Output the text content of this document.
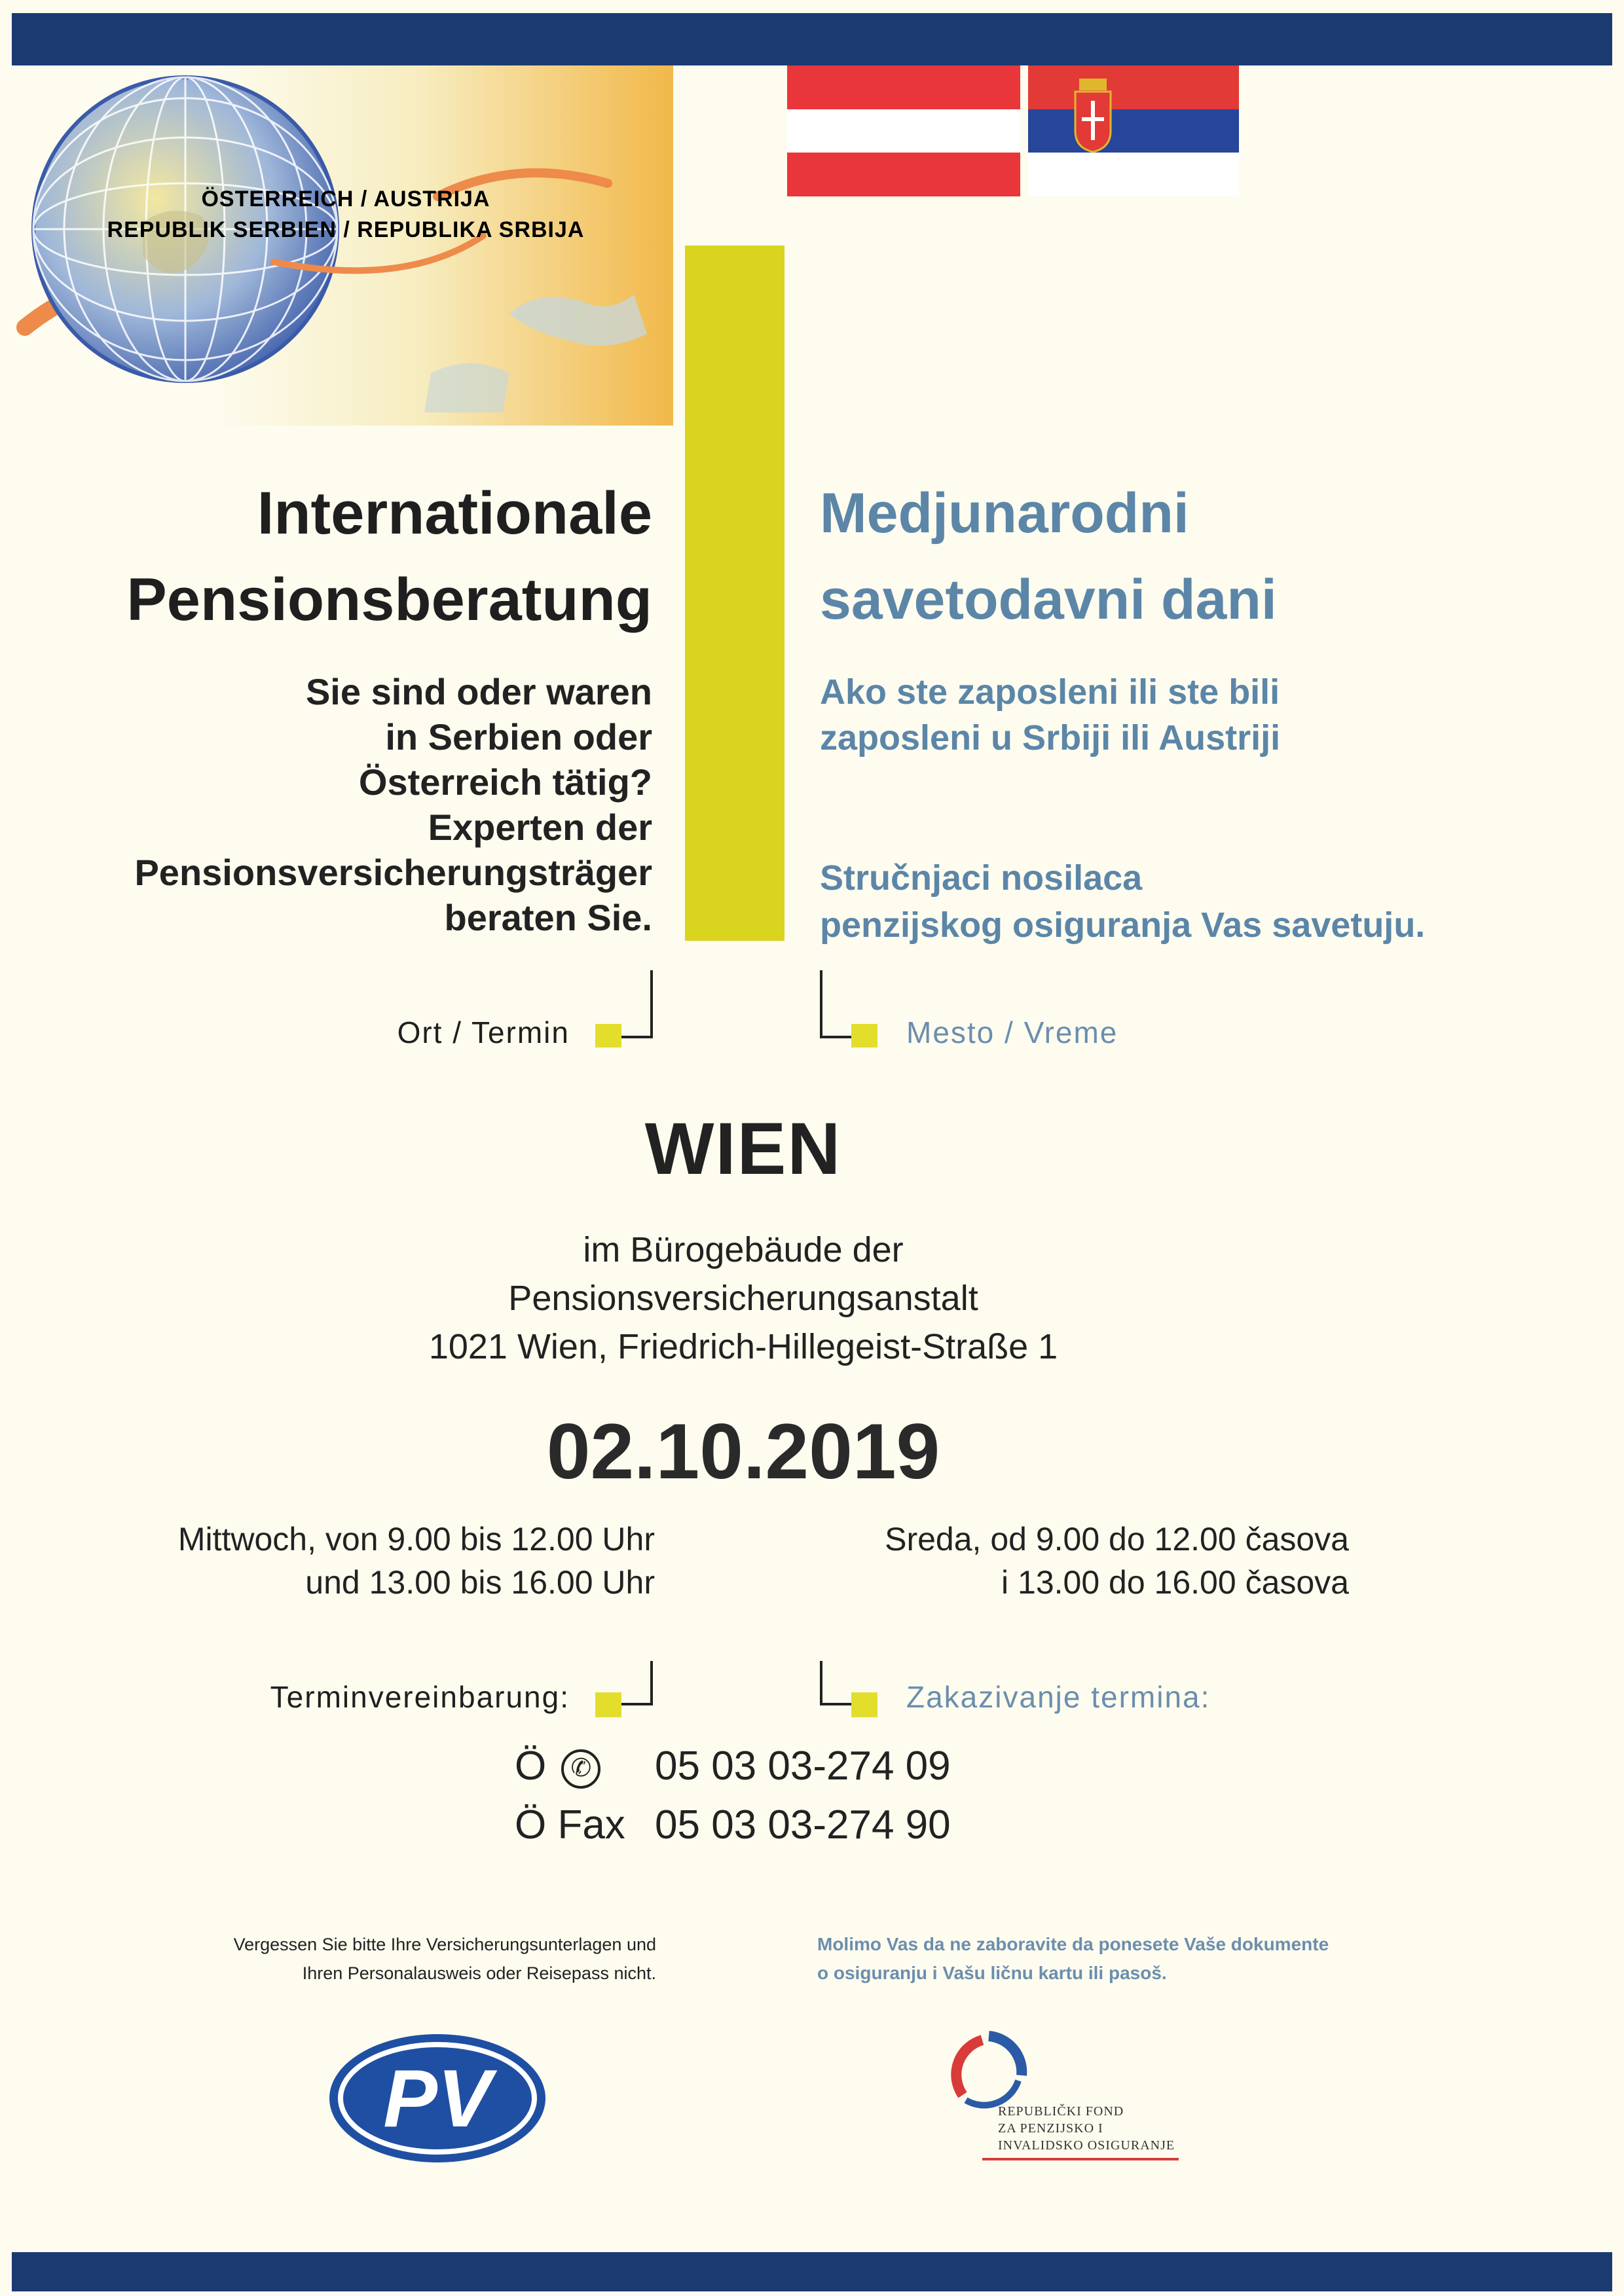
ÖSTERREICH / AUSTRIJA
REPUBLIK SERBIEN / REPUBLIKA SRBIJA
Internationale
Pensionsberatung
Medjunarodni
savetodavni dani
Sie sind oder waren
in Serbien oder
Österreich tätig?
Experten der
Pensionsversicherungsträger
beraten Sie.
Ako ste zaposleni ili ste bili
zaposleni u Srbiji ili Austriji
Stručnjaci nosilaca
penzijskog osiguranja Vas savetuju.
Ort / Termin	Mesto / Vreme
WIEN
im Bürogebäude der
Pensionsversicherungsanstalt
1021 Wien, Friedrich-Hillegeist-Straße 1
02.10.2019
Mittwoch, von 9.00 bis 12.00 Uhr
und 13.00 bis 16.00 Uhr
Sreda, od 9.00 do 12.00 časova
i 13.00 do 16.00 časova
Terminvereinbarung:	Zakazivanje termina:
Ö ✆ 05 03 03-274 09
Ö Fax 05 03 03-274 90
Vergessen Sie bitte Ihre Versicherungsunterlagen und
Ihren Personalausweis oder Reisepass nicht.
Molimo Vas da ne zaboravite da ponesete Vaše dokumente
o osiguranju i Vašu ličnu kartu ili pasoš.
PV	REPUBLIČKI FOND
ZA PENZIJSKO I
INVALIDSKO OSIGURANJE
